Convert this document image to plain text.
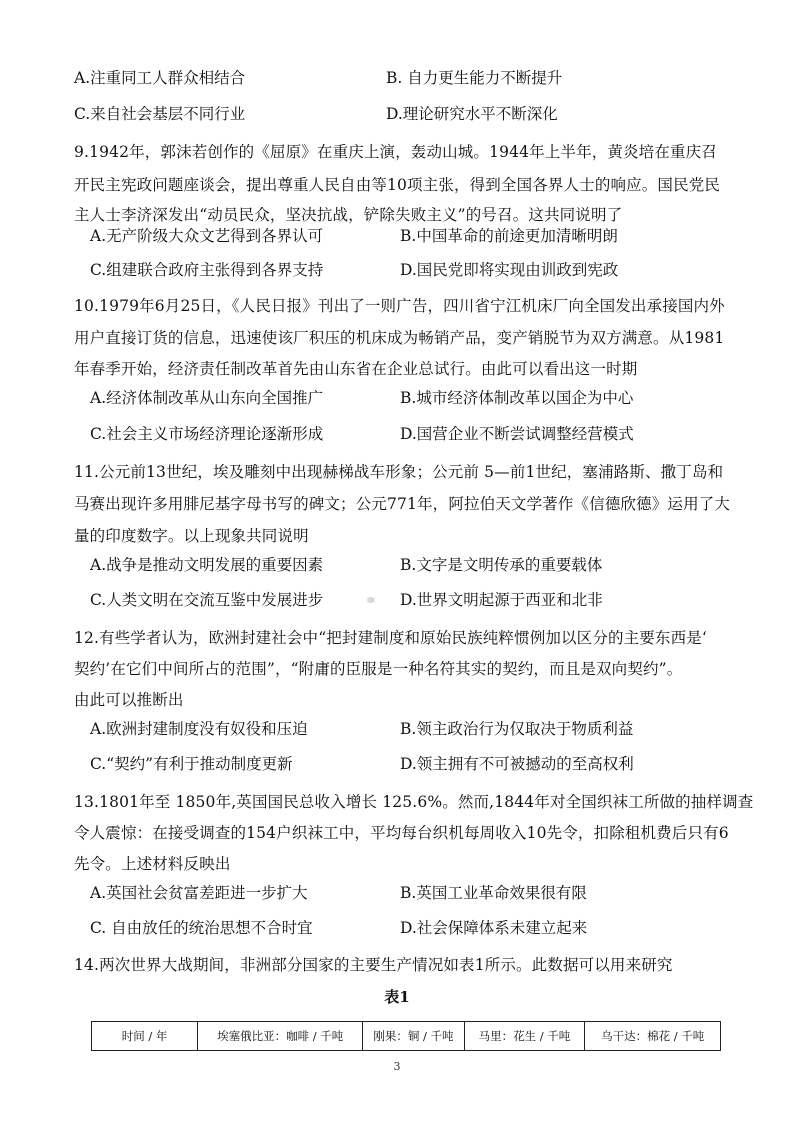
A.注重同工人群众相结合	B. 自力更生能力不断提升
C.来自社会基层不同行业	D.理论研究水平不断深化
9.1942年，郭沫若创作的《屈原》在重庆上演，轰动山城。1944年上半年，黄炎培在重庆召
开民主宪政问题座谈会，提出尊重人民自由等10项主张，得到全国各界人士的响应。国民党民
主人士李济深发出“动员民众，坚决抗战，铲除失败主义”的号召。这共同说明了
A.无产阶级大众文艺得到各界认可	B.中国革命的前途更加清晰明朗
C.组建联合政府主张得到各界支持	D.国民党即将实现由训政到宪政
10.1979年6月25日，《人民日报》刊出了一则广告，四川省宁江机床厂向全国发出承接国内外
用户直接订货的信息，迅速使该厂积压的机床成为畅销产品，变产销脱节为双方满意。从1981
年春季开始，经济责任制改革首先由山东省在企业总试行。由此可以看出这一时期
A.经济体制改革从山东向全国推广	B.城市经济体制改革以国企为中心
C.社会主义市场经济理论逐渐形成	D.国营企业不断尝试调整经营模式
11.公元前13世纪，埃及雕刻中出现赫梯战车形象；公元前 5—前1世纪，塞浦路斯、撒丁岛和
马赛出现许多用腓尼基字母书写的碑文；公元771年，阿拉伯天文学著作《信德欣德》运用了大
量的印度数字。以上现象共同说明
A.战争是推动文明发展的重要因素	B.文字是文明传承的重要载体
C.人类文明在交流互鉴中发展进步	D.世界文明起源于西亚和北非
12.有些学者认为，欧洲封建社会中“把封建制度和原始民族纯粹惯例加以区分的主要东西是‘
契约’在它们中间所占的范围”，“附庸的臣服是一种名符其实的契约，而且是双向契约”。
由此可以推断出
A.欧洲封建制度没有奴役和压迫	B.领主政治行为仅取决于物质利益
C.“契约”有利于推动制度更新	D.领主拥有不可被撼动的至高权利
13.1801年至 1850年,英国国民总收入增长 125.6%。然而,1844年对全国织袜工所做的抽样调查
令人震惊：在接受调查的154户织袜工中，平均每台织机每周收入10先令，扣除租机费后只有6
先令。上述材料反映出
A.英国社会贫富差距进一步扩大	B.英国工业革命效果很有限
C. 自由放任的统治思想不合时宜	D.社会保障体系未建立起来
14.两次世界大战期间，非洲部分国家的主要生产情况如表1所示。此数据可以用来研究
表1
时间 / 年	埃塞俄比亚：咖啡 / 千吨	刚果：铜 / 千吨	马里：花生 / 千吨	乌干达：棉花 / 千吨
3
